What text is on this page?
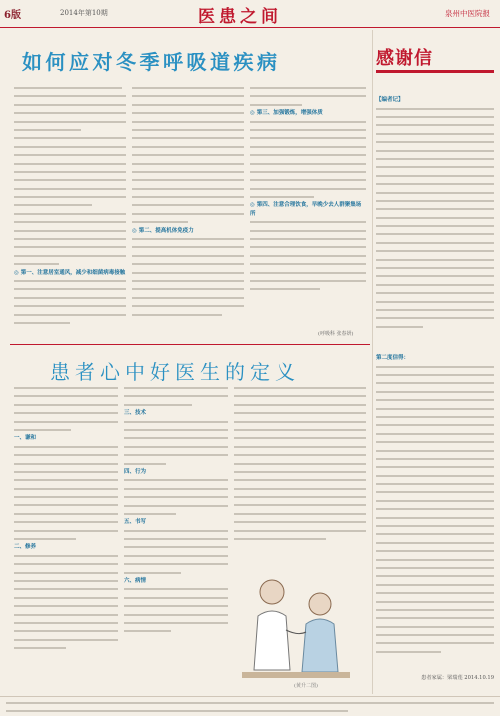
6版	2014年第10期	医患之间	泉州中医院报
如何应对冬季呼吸道疾病
◎ 第一、注意居室通风，减少和细菌病毒接触
◎ 第二、提高机体免疫力
◎ 第三、加强锻炼，增强体质
◎ 第四、注意合理饮食，早晚少去人群聚集场所
(呼吸科 张春妍)
患者心中好医生的定义
一、谦和
二、修养
三、技术
四、行为
五、书写
六、病情
(黄升二图)
感谢信
【编者记】
第二度信得：
患者家属：梁瑞莲 2014.10.19
